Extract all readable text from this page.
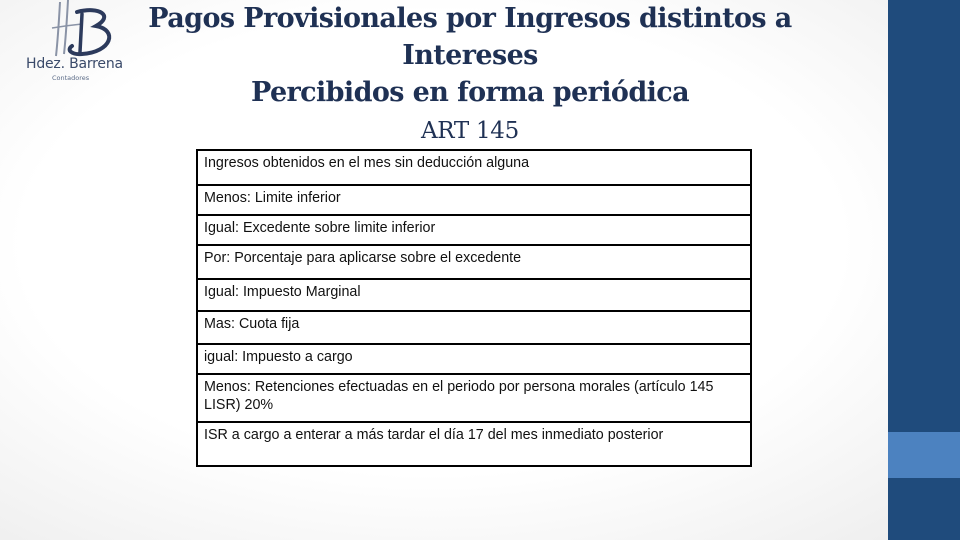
Hdez. Barrena
Contadores
Pagos Provisionales por Ingresos distintos a
Intereses
Percibidos en forma periódica
ART 145
Ingresos obtenidos en el mes sin deducción alguna
Menos: Limite inferior
Igual: Excedente sobre limite inferior
Por: Porcentaje para aplicarse sobre el excedente
Igual: Impuesto Marginal
Mas: Cuota fija
igual: Impuesto a cargo
Menos: Retenciones efectuadas en el periodo por persona morales (artículo 145 LISR) 20%
ISR a cargo a enterar a más tardar el día 17 del mes inmediato posterior
